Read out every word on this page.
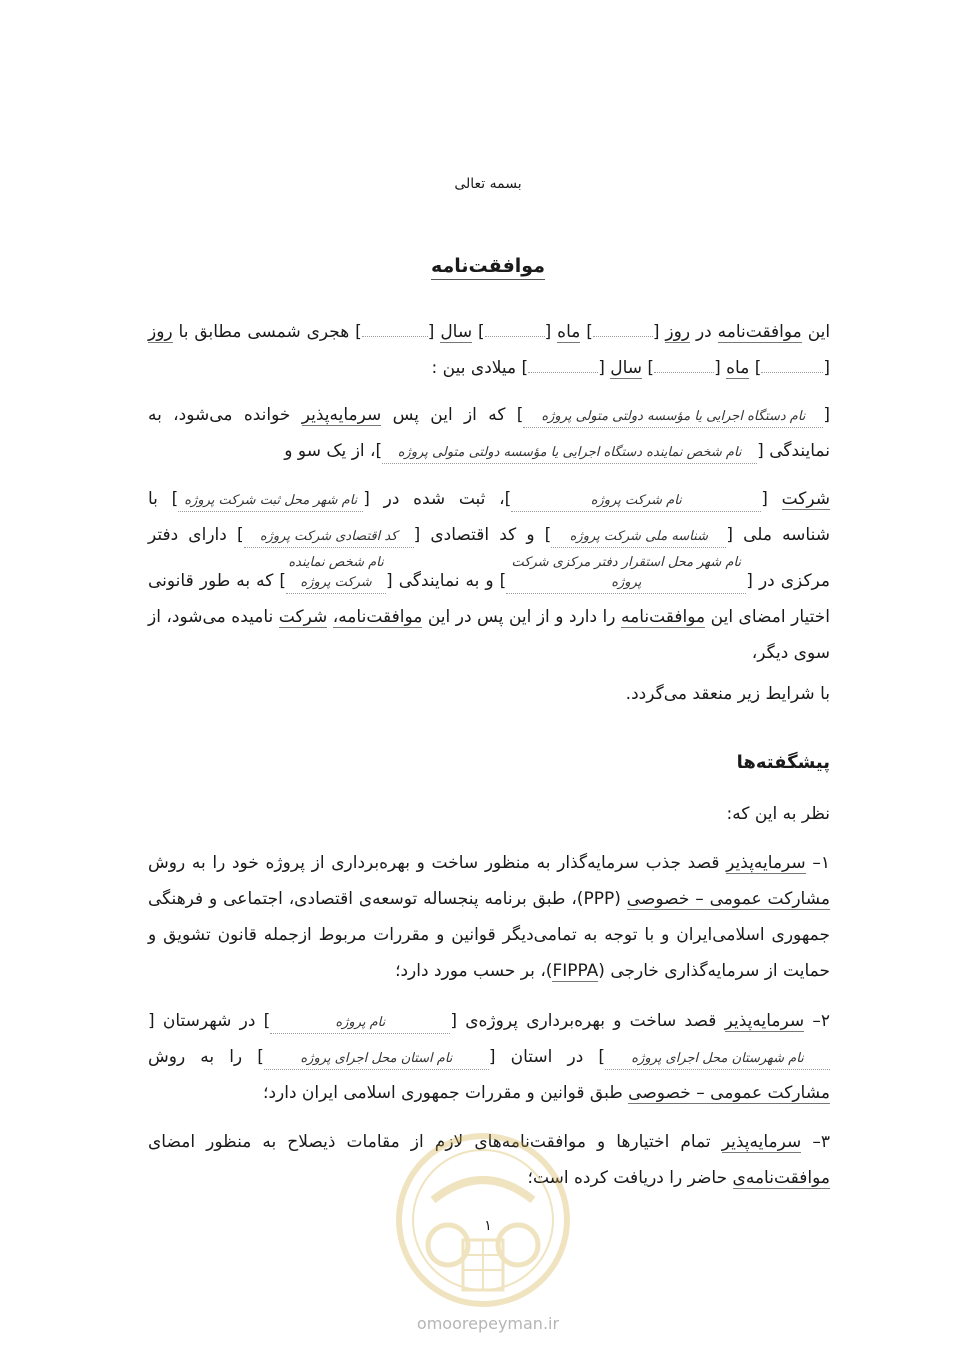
بسمه تعالی
موافقت‌نامه
این موافقت‌نامه در روز [] ماه [] سال [] هجری شمسی مطابق با روز [] ماه [] سال [] میلادی بین :
[نام دستگاه اجرایی یا مؤسسه دولتی متولی پروژه] که از این پس سرمایه‌پذیر خوانده می‌شود، به نمایندگی [نام شخص نماینده دستگاه اجرایی یا مؤسسه دولتی متولی پروژه]، از یک سو و
شرکت [نام شرکت پروژه]، ثبت شده در [نام شهر محل ثبت شرکت پروژه] با شناسه ملی [شناسه ملی شرکت پروژه] و کد اقتصادی [کد اقتصادی شرکت پروژه] دارای دفتر مرکزی در [نام شهر محل استقرار دفتر مرکزی شرکت پروژه] و به نمایندگی [نام شخص نماینده شرکت پروژه] که به طور قانونی اختیار امضای این موافقت‌نامه را دارد و از این پس در این موافقت‌نامه، شرکت نامیده می‌شود، از سوی دیگر،
با شرایط زیر منعقد می‌گردد.
پیشگفته‌ها
نظر به این که:
۱– سرمایه‌پذیر قصد جذب سرمایه‌گذار به منظور ساخت و بهره‌برداری از پروژه خود را به روش مشارکت عمومی – خصوصی (PPP)، طبق برنامه پنجساله توسعه‌ی اقتصادی، اجتماعی و فرهنگی جمهوری اسلامی‌ایران و با توجه به تمامی‌دیگر قوانین و مقررات مربوط ازجمله قانون تشویق و حمایت از سرمایه‌گذاری خارجی (FIPPA)، بر حسب مورد دارد؛
۲– سرمایه‌پذیر قصد ساخت و بهره‌برداری پروژه‌ی [نام پروژه] در شهرستان [نام شهرستان محل اجرای پروژه] در استان [نام استان محل اجرای پروژه] را به روش مشارکت عمومی – خصوصی طبق قوانین و مقررات جمهوری اسلامی ایران دارد؛
۳– سرمایه‌پذیر تمام اختیارها و موافقت‌نامه‌های لازم از مقامات ذیصلاح به منظور امضای موافقت‌نامه‌ی حاضر را دریافت کرده است؛
۱
omoorepeyman.ir
